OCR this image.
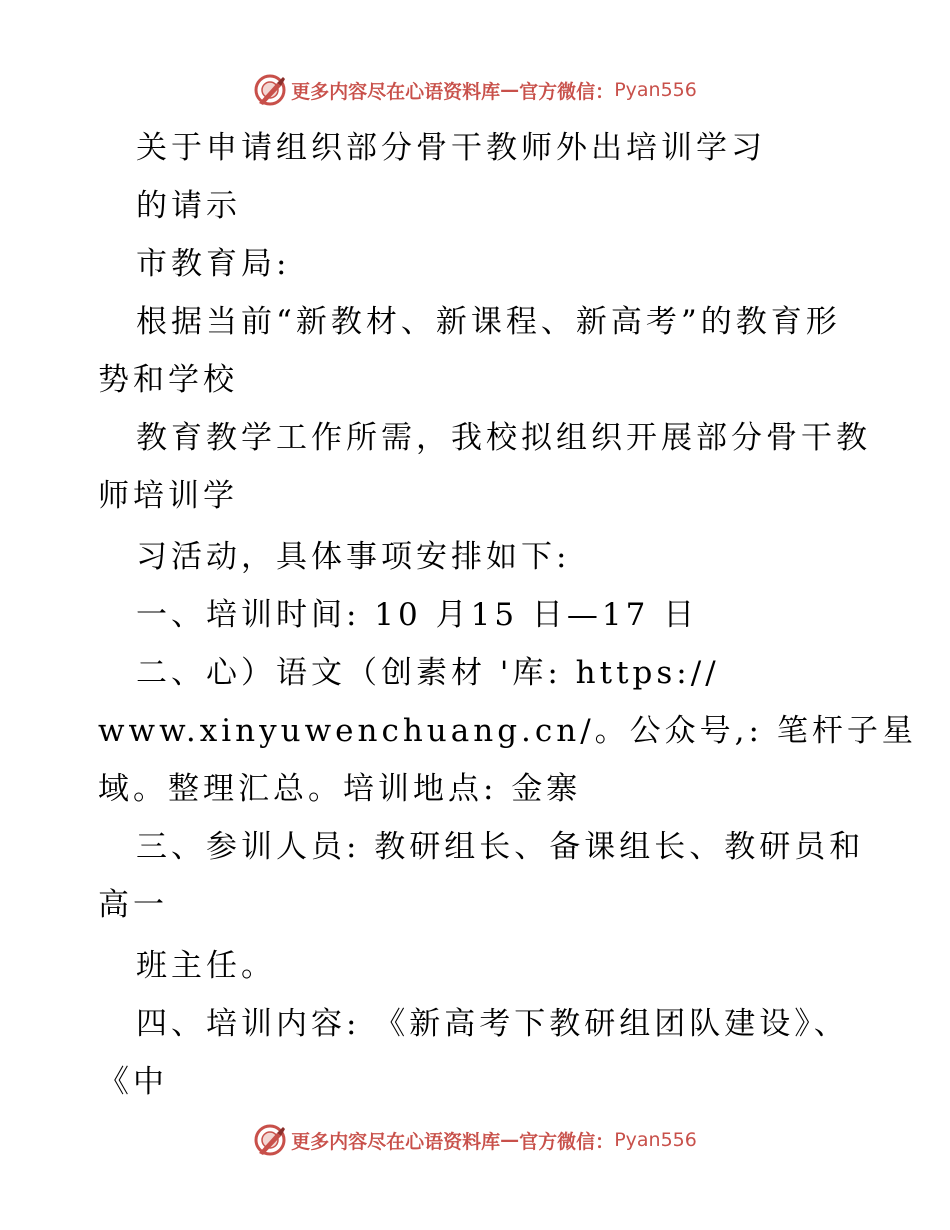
更多内容尽在心语资料库 — 官方微信： Pyan556
关于申请组织部分骨干教师外出培训学习
的请示
市教育局:
根据当前“新教材、新课程、新高考”的教育形
势和学校
教育教学工作所需，我校拟组织开展部分骨干教
师培训学
习活动，具体事项安排如下:
一、培训时间: 10 月15 日—17 日
二、心）语文（创素材 '库: https://
www.xinyuwenchuang.cn/。公众号,: 笔杆子星
域。整理汇总。培训地点: 金寨
三、参训人员: 教研组长、备课组长、教研员和
高一
班主任。
四、培训内容: 《新高考下教研组团队建设》、
《中
更多内容尽在心语资料库 — 官方微信： Pyan556
